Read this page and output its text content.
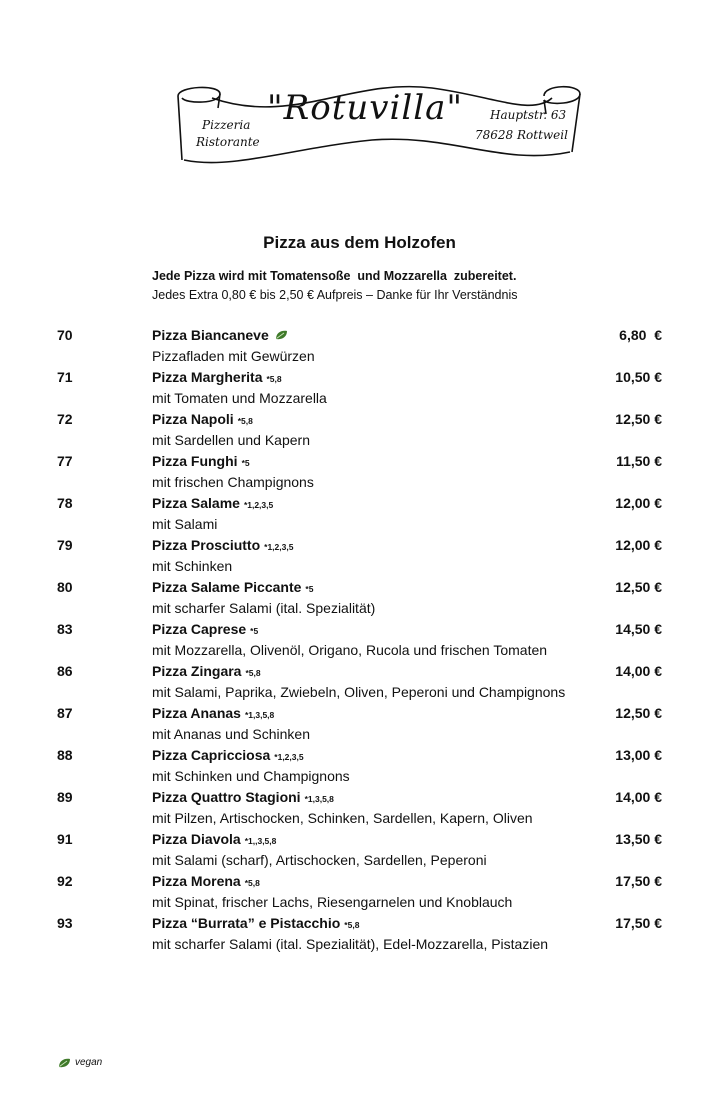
Pizzeria
Ristorante
"Rotuvilla" Hauptstr. 63
78628 Rottweil
Pizza aus dem Holzofen
Jede Pizza wird mit Tomatensoße  und Mozzarella  zubereitet.
Jedes Extra 0,80 € bis 2,50 € Aufpreis – Danke für Ihr Verständnis
70	Pizza Biancaneve
Pizzafladen mit Gewürzen
6,80  €
71	Pizza Margherita *5,8
mit Tomaten und Mozzarella
10,50 €
72	Pizza Napoli *5,8
mit Sardellen und Kapern
12,50 €
77	Pizza Funghi *5
mit frischen Champignons
11,50 €
78	Pizza Salame *1,2,3,5
mit Salami
12,00 €
79	Pizza Prosciutto *1,2,3,5
mit Schinken
12,00 €
80	Pizza Salame Piccante *5
mit scharfer Salami (ital. Spezialität)
12,50 €
83	Pizza Caprese *5
mit Mozzarella, Olivenöl, Origano, Rucola und frischen Tomaten
14,50 €
86	Pizza Zingara *5,8
mit Salami, Paprika, Zwiebeln, Oliven, Peperoni und Champignons
14,00 €
87	Pizza Ananas *1,3,5,8
mit Ananas und Schinken
12,50 €
88	Pizza Capricciosa *1,2,3,5
mit Schinken und Champignons
13,00 €
89	Pizza Quattro Stagioni *1,3,5,8
mit Pilzen, Artischocken, Schinken, Sardellen, Kapern, Oliven
14,00 €
91	Pizza Diavola *1,,3,5,8
mit Salami (scharf), Artischocken, Sardellen, Peperoni
13,50 €
92	Pizza Morena *5,8
mit Spinat, frischer Lachs, Riesengarnelen und Knoblauch
17,50 €
93	Pizza “Burrata” e Pistacchio *5,8
mit scharfer Salami (ital. Spezialität), Edel-Mozzarella, Pistazien
17,50 €
vegan
